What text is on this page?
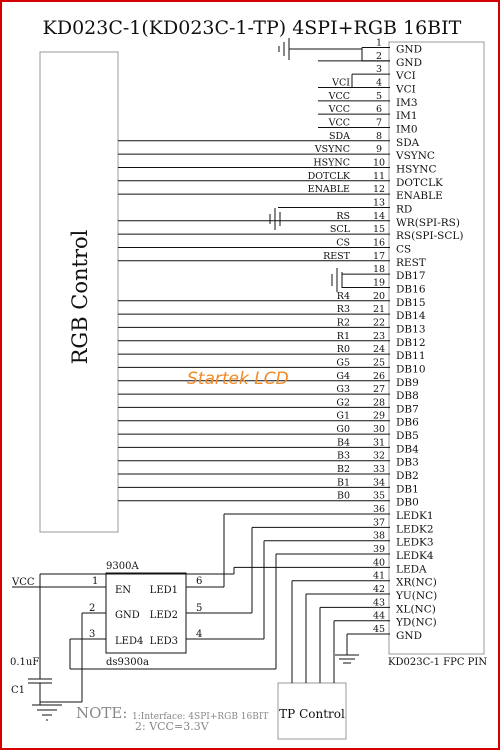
KD023C-1(KD023C-1-TP) 4SPI+RGB 16BIT
RGB Control
KD023C-1 FPC PIN
TP Control
1
GND
2
GND
3
VCI
4
VCI
VCI
5
IM3
VCC
6
IM1
VCC
7
IM0
VCC
8
SDA
SDA
9
VSYNC
VSYNC
10
HSYNC
HSYNC
11
DOTCLK
DOTCLK
12
ENABLE
ENABLE
13
RD
14
WR(SPI-RS)
RS
15
RS(SPI-SCL)
SCL
16
CS
CS
17
REST
REST
18
DB17
19
DB16
20
DB15
R4
21
DB14
R3
22
DB13
R2
23
DB12
R1
24
DB11
R0
25
DB10
G5
26
DB9
G4
27
DB8
G3
28
DB7
G2
29
DB6
G1
30
DB5
G0
31
DB4
B4
32
DB3
B3
33
DB2
B2
34
DB1
B1
35
DB0
B0
36
LEDK1
37
LEDK2
38
LEDK3
39
LEDK4
40
LEDA
41
XR(NC)
42
YU(NC)
43
XL(NC)
44
YD(NC)
45
GND
9300A
ds9300a
EN
GND
LED4
LED1
LED2
LED3
1
2
3
6
5
4
VCC
0.1uF
C1
NOTE: 1:Interface: 4SPI+RGB 16BIT
2: VCC=3.3V
Startek LCD
